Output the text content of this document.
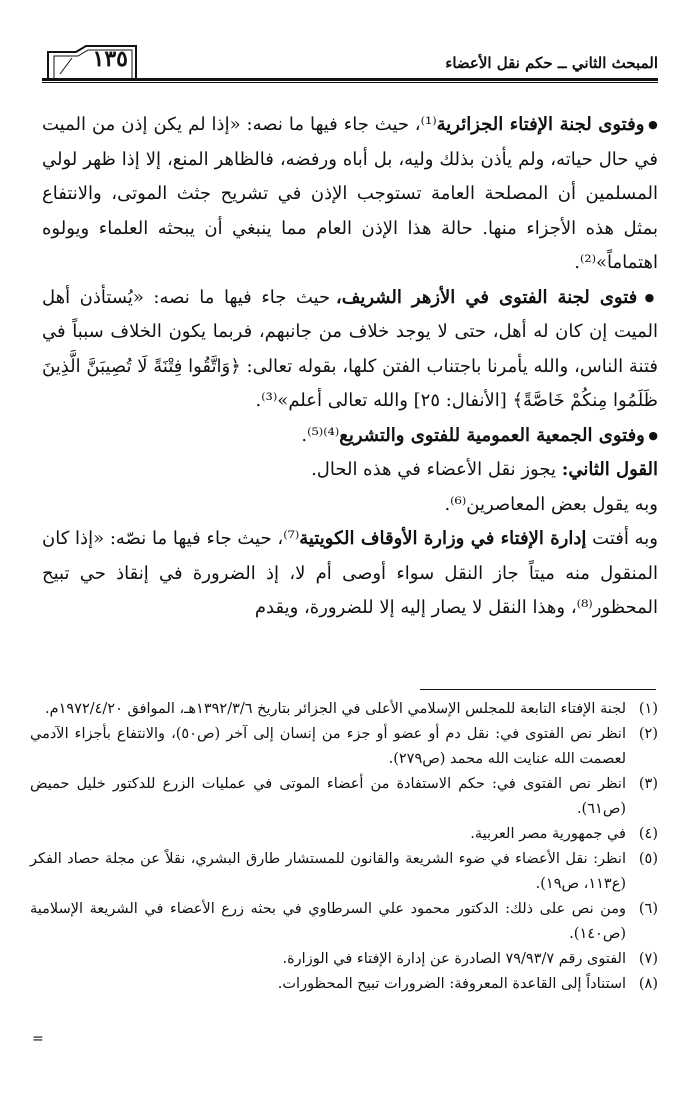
المبحث الثاني ــ حكم نقل الأعضاء
١٣٥

● وفتوى لجنة الإفتاء الجزائرية⁽¹⁾، حيث جاء فيها ما نصه: «إذا لم يكن إذن من الميت في حال حياته، ولم يأذن بذلك وليه، بل أباه ورفضه، فالظاهر المنع، إلا إذا ظهر لولي المسلمين أن المصلحة العامة تستوجب الإذن في تشريح جثث الموتى، والانتفاع بمثل هذه الأجزاء منها. حالة هذا الإذن العام مما ينبغي أن يبحثه العلماء ويولوه اهتماماً»⁽²⁾.

● فتوى لجنة الفتوى في الأزهر الشريف، حيث جاء فيها ما نصه: «يُستأذن أهل الميت إن كان له أهل، حتى لا يوجد خلاف من جانبهم، فربما يكون الخلاف سبباً في فتنة الناس، والله يأمرنا باجتناب الفتن كلها، بقوله تعالى: ﴿وَاتَّقُوا فِتْنَةً لَا تُصِيبَنَّ الَّذِينَ ظَلَمُوا مِنكُمْ خَاصَّةً﴾ [الأنفال: ٢٥] والله تعالى أعلم»⁽³⁾.

● وفتوى الجمعية العمومية للفتوى والتشريع⁽⁴⁾⁽⁵⁾.

القول الثاني: يجوز نقل الأعضاء في هذه الحال.

وبه يقول بعض المعاصرين⁽⁶⁾.

وبه أفتت إدارة الإفتاء في وزارة الأوقاف الكويتية⁽⁷⁾، حيث جاء فيها ما نصّه: «إذا كان المنقول منه ميتاً جاز النقل سواء أوصى أم لا، إذ الضرورة في إنقاذ حي تبيح المحظور⁽⁸⁾، وهذا النقل لا يصار إليه إلا للضرورة، ويقدم

(١)
لجنة الإفتاء التابعة للمجلس الإسلامي الأعلى في الجزائر بتاريخ ١٣٩٢/٣/٦هـ، الموافق ١٩٧٢/٤/٢٠م.
(٢)
انظر نص الفتوى في: نقل دم أو عضو أو جزء من إنسان إلى آخر (ص٥٠)، والانتفاع بأجزاء الآدمي لعصمت الله عنايت الله محمد (ص٢٧٩).
(٣)
انظر نص الفتوى في: حكم الاستفادة من أعضاء الموتى في عمليات الزرع للدكتور خليل حميض (ص٦١).
(٤)
في جمهورية مصر العربية.
(٥)
انظر: نقل الأعضاء في ضوء الشريعة والقانون للمستشار طارق البشري، نقلاً عن مجلة حصاد الفكر (ع١١٣، ص١٩).
(٦)
ومن نص على ذلك: الدكتور محمود علي السرطاوي في بحثه زرع الأعضاء في الشريعة الإسلامية (ص١٤٠).
(٧)
الفتوى رقم ٧٩/٩٣/٧ الصادرة عن إدارة الإفتاء في الوزارة.
(٨)
استناداً إلى القاعدة المعروفة: الضرورات تبيح المحظورات.
=
